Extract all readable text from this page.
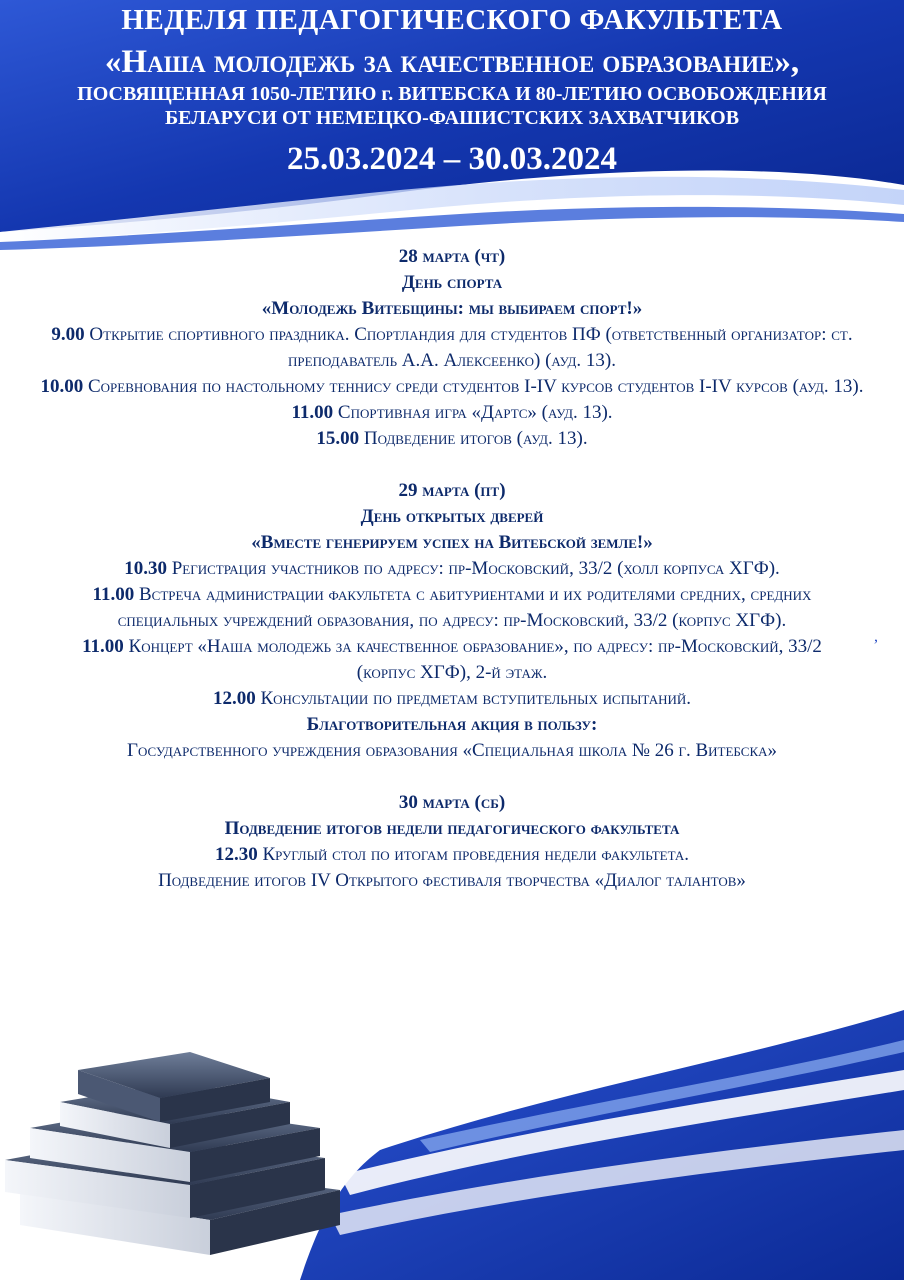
НЕДЕЛЯ ПЕДАГОГИЧЕСКОГО ФАКУЛЬТЕТА
«Наша молодежь за качественное образование»,
ПОСВЯЩЕННАЯ 1050-ЛЕТИЮ г. ВИТЕБСКА И 80-ЛЕТИЮ ОСВОБОЖДЕНИЯ
БЕЛАРУСИ ОТ НЕМЕЦКО-ФАШИСТСКИХ ЗАХВАТЧИКОВ
25.03.2024 – 30.03.2024

28 марта (чт)

День спорта

«Молодежь Витебщины: мы выбираем спорт!»

9.00 Открытие спортивного праздника. Спортландия для студентов ПФ (ответственный организатор: ст. преподаватель А.А. Алексеенко) (ауд. 13).

10.00 Соревнования по настольному теннису среди студентов I-IV курсов студентов I-IV курсов (ауд. 13).

11.00 Спортивная игра «Дартс» (ауд. 13).

15.00 Подведение итогов (ауд. 13).

29 марта (пт)

День открытых дверей

«Вместе генерируем успех на Витебской земле!»

10.30 Регистрация участников по адресу: пр-Московский, 33/2 (холл корпуса ХГФ).

11.00 Встреча администрации факультета с абитуриентами и их родителями средних, средних специальных учреждений образования, по адресу: пр-Московский, 33/2 (корпус ХГФ).

11.00 Концерт «Наша молодежь за качественное образование», по адресу: пр-Московский, 33/2 (корпус ХГФ), 2-й этаж.

12.00 Консультации по предметам вступительных испытаний.

Благотворительная акция в пользу:

Государственного учреждения образования «Специальная школа № 26 г. Витебска»

30 марта (сб)

Подведение итогов недели педагогического факультета

12.30 Круглый стол по итогам проведения недели факультета.

Подведение итогов IV Открытого фестиваля творчества «Диалог талантов»

,
